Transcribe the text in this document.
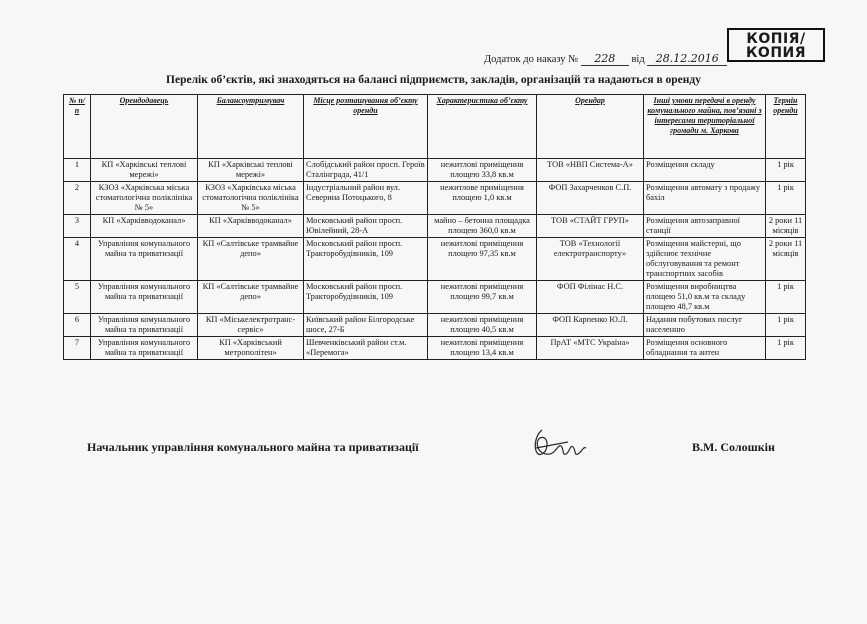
КОПІЯ/
КОПИЯ
Додаток до наказу № 228 від 28.12.2016
Перелік об’єктів, які знаходяться на балансі підприємств, закладів, організацій та надаються в оренду
№ п/ п	Орендодавець	Балансоутримувач	Місце розташування об’єкту оренди	Характеристика об’єкту	Орендар	Інші умови передачі в оренду комунального майна, пов’язані з інтересами територіальної громади м. Харкова	Термін оренди
1	КП «Харківські теплові мережі»	КП «Харківські теплові мережі»	Слобідський район просп. Героїв Сталінграда, 41/1	нежитлові приміщення площею 33,8 кв.м	ТОВ «НВП Система-А»	Розміщення складу	1 рік
2	КЗОЗ «Харківська міська стоматологічна поліклініка № 5»	КЗОЗ «Харківська міська стоматологічна поліклініка № 5»	Індустріальний район вул. Северина Потоцького, 8	нежитлове приміщення площею 1,0 кв.м	ФОП Захарченков С.П.	Розміщення автомату з продажу бахіл	1 рік
3	КП «Харківводоканал»	КП «Харківводоканал»	Московський район просп. Ювілейний, 28-А	майно – бетонна площадка площею 360,0 кв.м	ТОВ «СТАЙТ ГРУП»	Розміщення автозаправної станції	2 роки 11 місяців
4	Управління комунального майна та приватизації	КП «Салтівське трамвайне депо»	Московський район просп. Тракторобудівників, 109	нежитлові приміщення площею 97,35 кв.м	ТОВ «Технології електротранспорту»	Розміщення майстерні, що здійснює технічне обслуговування та ремонт транспортних засобів	2 роки 11 місяців
5	Управління комунального майна та приватизації	КП «Салтівське трамвайне депо»	Московський район просп. Тракторобудівників, 109	нежитлові приміщення площею 99,7 кв.м	ФОП Філінас Н.С.	Розміщення виробництва площею 51,0 кв.м та складу площею 48,7 кв.м	1 рік
6	Управління комунального майна та приватизації	КП «Міськелектротранс-сервіс»	Київський район Білгородське шосе, 27-Б	нежитлові приміщення площею 40,5 кв.м	ФОП Карпенко Ю.Л.	Надання побутових послуг населенню	1 рік
7	Управління комунального майна та приватизації	КП «Харківський метрополітен»	Шевченківський район ст.м. «Перемога»	нежитлові приміщення площею 13,4 кв.м	ПрАТ «МТС Україна»	Розміщення основного обладнання та антен	1 рік
Начальник управління комунального майна та приватизації	В.М. Солошкін
